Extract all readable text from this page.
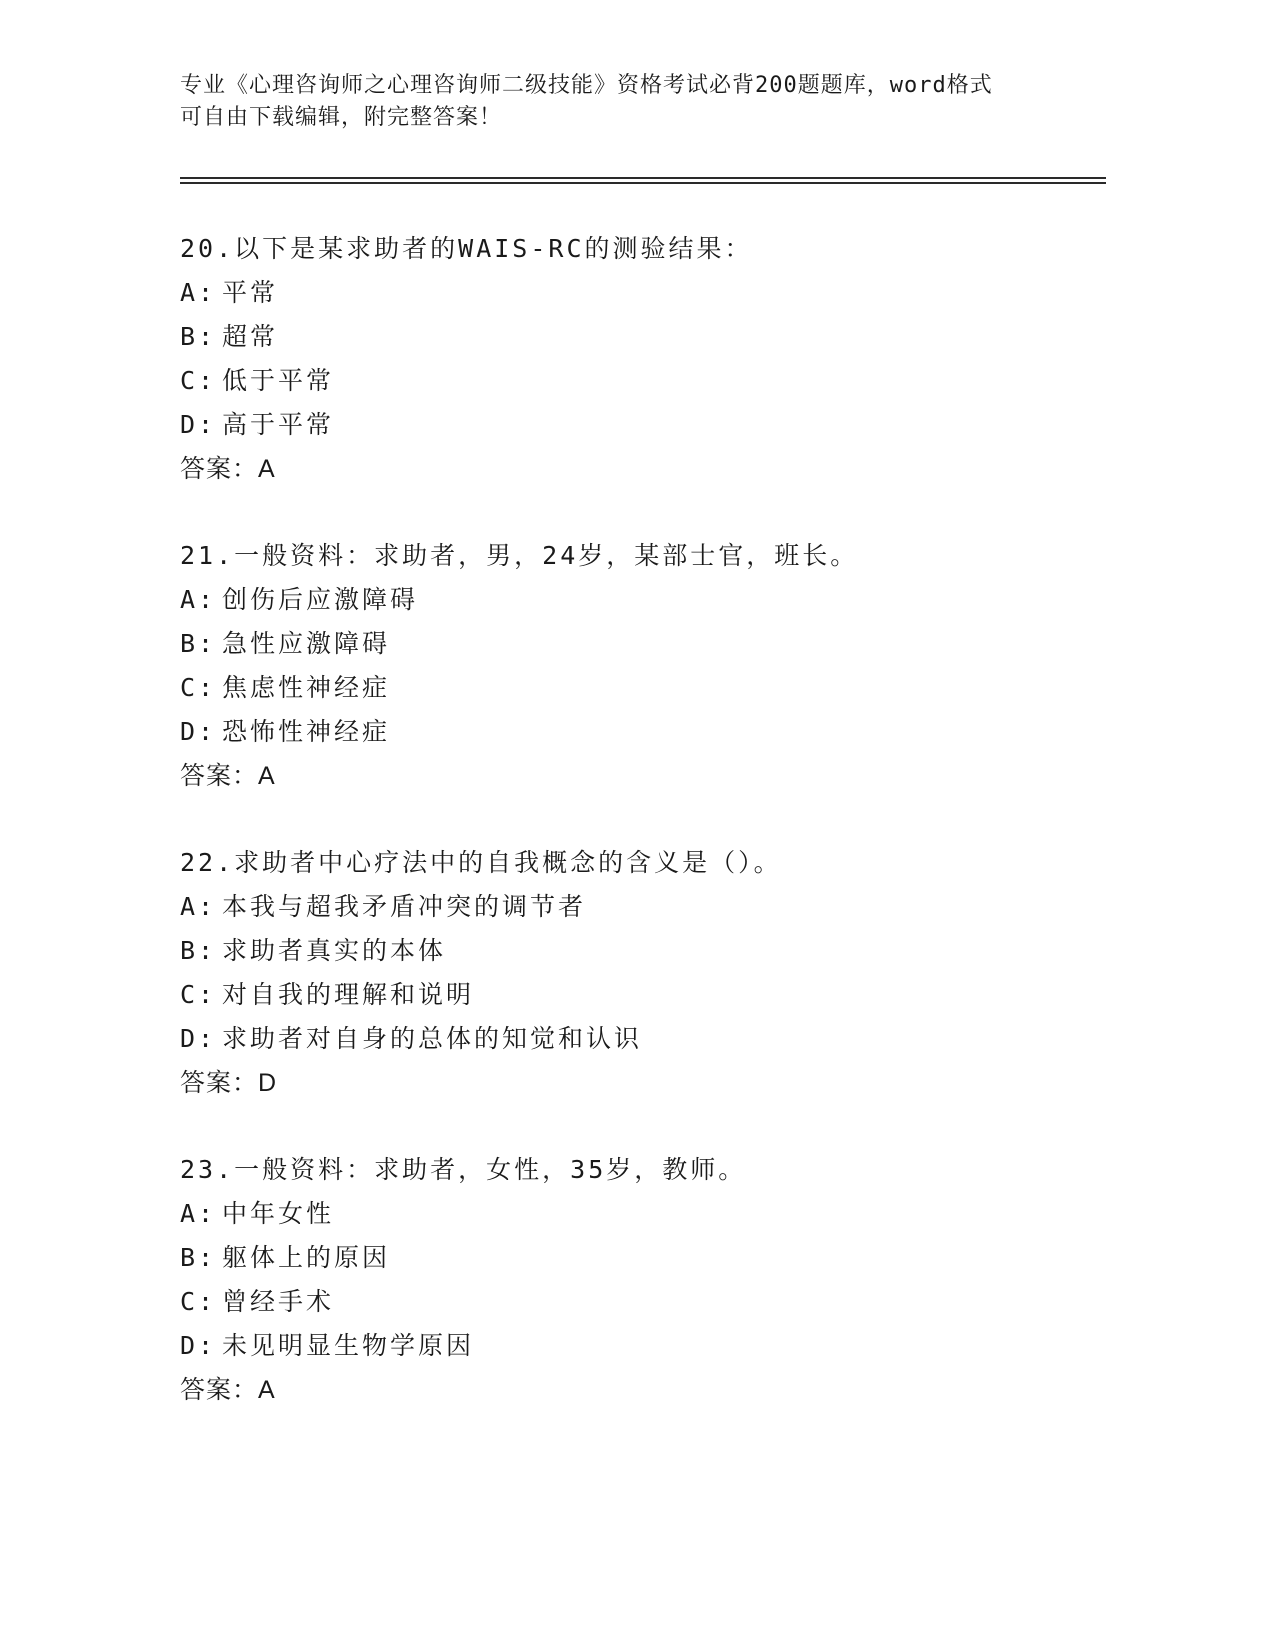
专业《心理咨询师之心理咨询师二级技能》资格考试必背200题题库，word格式
可自由下载编辑，附完整答案！
20.以下是某求助者的WAIS-RC的测验结果：
A: 平常
B: 超常
C: 低于平常
D: 高于平常
答案：A
21.一般资料：求助者，男，24岁，某部士官，班长。
A: 创伤后应激障碍
B: 急性应激障碍
C: 焦虑性神经症
D: 恐怖性神经症
答案：A
22.求助者中心疗法中的自我概念的含义是（）。
A: 本我与超我矛盾冲突的调节者
B: 求助者真实的本体
C: 对自我的理解和说明
D: 求助者对自身的总体的知觉和认识
答案：D
23.一般资料：求助者，女性，35岁，教师。
A: 中年女性
B: 躯体上的原因
C: 曾经手术
D: 未见明显生物学原因
答案：A
